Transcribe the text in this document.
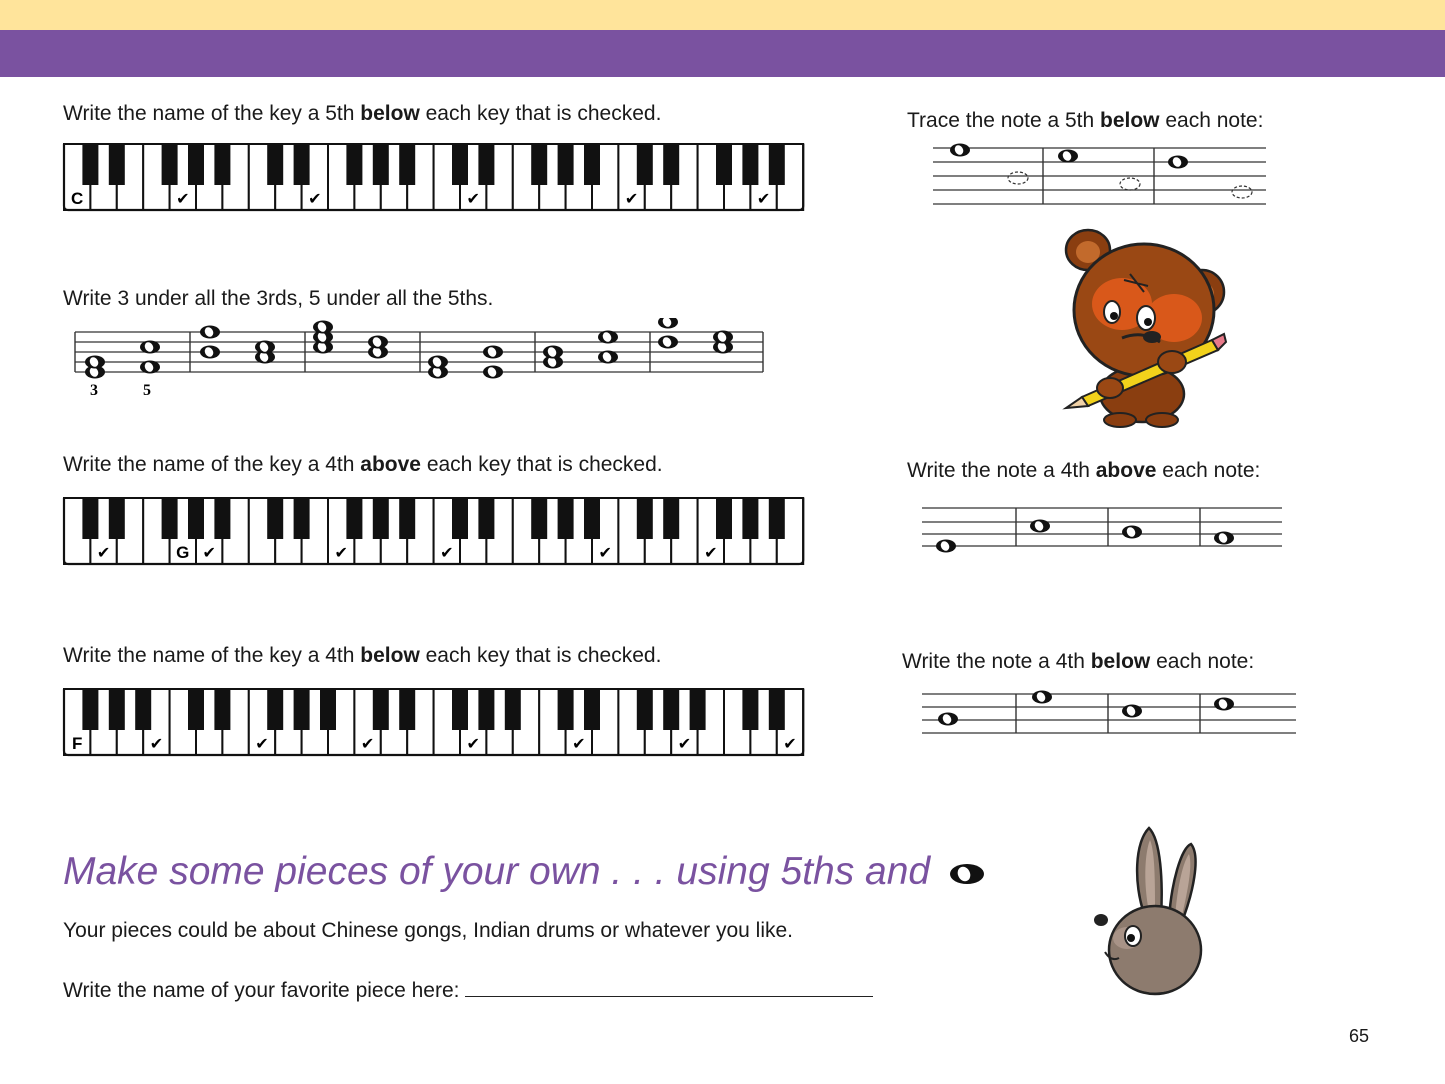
Write the name of the key a 5th below each key that is checked.
C	✔	✔	✔	✔	✔
Write 3 under all the 3rds, 5 under all the 5ths.
3	5
Write the name of the key a 4th above each key that is checked.
G
✔	✔	✔	✔	✔	✔
Write the name of the key a 4th below each key that is checked.
F	✔	✔	✔	✔	✔	✔	✔
Trace the note a 5th below each note:
Write the note a 4th above each note:
Write the note a 4th below each note:
Make some pieces of your own . . . using 5ths and
Your pieces could be about Chinese gongs, Indian drums or whatever you like.
Write the name of your favorite piece here:
65
